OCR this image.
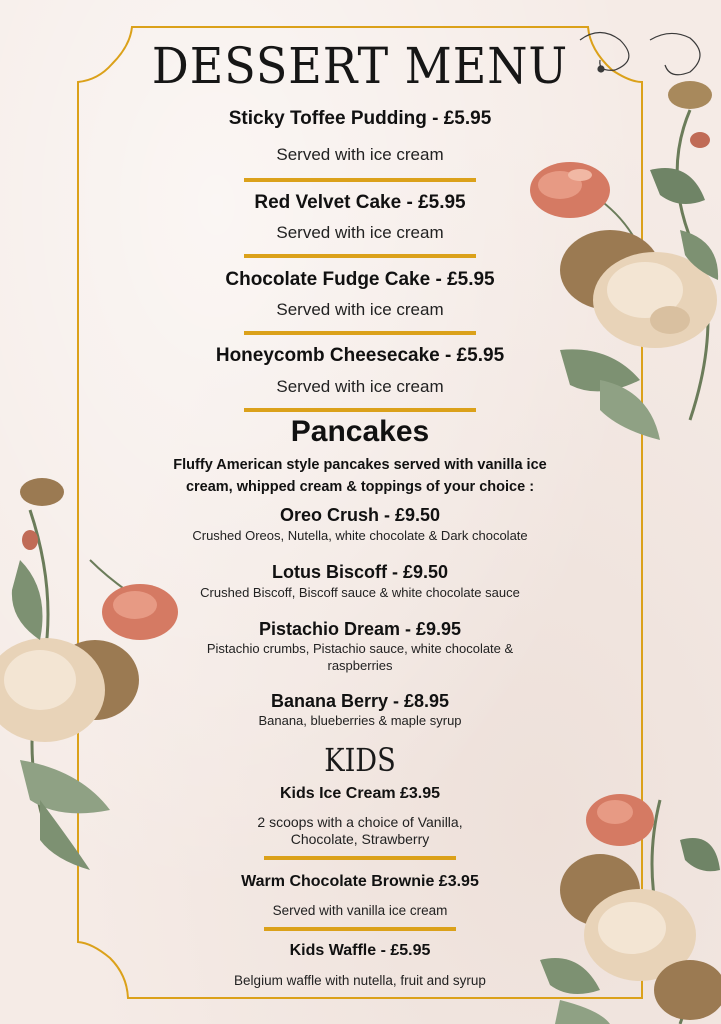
DESSERT MENU
Sticky Toffee Pudding - £5.95
Served with ice cream
Red Velvet Cake - £5.95
Served with ice cream
Chocolate Fudge Cake - £5.95
Served with ice cream
Honeycomb Cheesecake - £5.95
Served with ice cream
Pancakes
Fluffy American style pancakes served with vanilla ice
cream, whipped cream & toppings of your choice :
Oreo Crush - £9.50
Crushed Oreos, Nutella, white chocolate & Dark chocolate
Lotus Biscoff - £9.50
Crushed Biscoff, Biscoff sauce & white chocolate sauce
Pistachio Dream - £9.95
Pistachio crumbs, Pistachio sauce, white chocolate &
raspberries
Banana Berry - £8.95
Banana, blueberries & maple syrup
KIDS
Kids Ice Cream £3.95
2 scoops with a choice of Vanilla,
Chocolate, Strawberry
Warm Chocolate Brownie £3.95
Served with vanilla ice cream
Kids Waffle - £5.95
Belgium waffle with nutella, fruit and syrup
